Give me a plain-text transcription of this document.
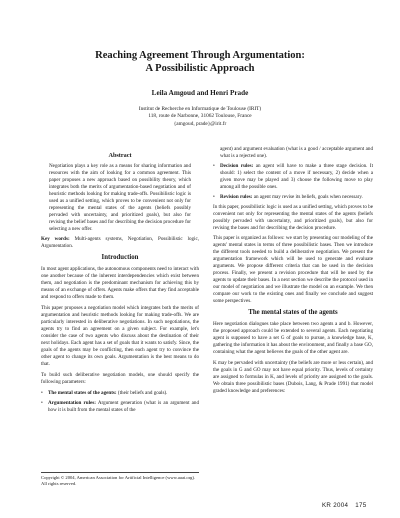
Reaching Agreement Through Argumentation:
A Possibilistic Approach
Leila Amgoud and Henri Prade
Institut de Recherche en Informatique de Toulouse (IRIT)
118, route de Narbonne, 31062 Toulouse, France
{amgoud, prade}@irit.fr
Abstract
Negotiation plays a key role as a means for sharing information and resources with the aim of looking for a common agreement. This paper proposes a new approach based on possibility theory, which integrates both the merits of argumentation-based negotiation and of heuristic methods looking for making trade-offs. Possibilistic logic is used as a unified setting, which proves to be convenient not only for representing the mental states of the agents (beliefs possibly pervaded with uncertainty, and prioritized goals), but also for revising the belief bases and for describing the decision procedure for selecting a new offer.
Key words: Multi-agents systems, Negotiation, Possibilistic logic, Argumentation.
Introduction
In most agent applications, the autonomous components need to interact with one another because of the inherent interdependencies which exist between them, and negotiation is the predominant mechanism for achieving this by means of an exchange of offers. Agents make offers that they find acceptable and respond to offers made to them.
This paper proposes a negotiation model which integrates both the merits of argumentation and heuristic methods looking for making trade-offs. We are particularly interested in deliberative negotiations. In such negotiations, the agents try to find an agreement on a given subject. For example, let's consider the case of two agents who discuss about the destination of their next holidays. Each agent has a set of goals that it wants to satisfy. Since, the goals of the agents may be conflicting, then each agent try to convince the other agent to change its own goals. Argumentation is the best means to do that.
To build such deliberative negotiation models, one should specify the following parameters:
• The mental states of the agents: (their beliefs and goals).
• Argumentation rules: Argument generation (what is an argument and how it is built from the mental states of the
Copyright © 2004, American Association for Artificial Intelligence (www.aaai.org). All rights reserved.
agent) and argument evaluation (what is a good / acceptable argument and what is a rejected one).
• Decision rules: an agent will have to make a three stage decision. It should: 1) select the content of a move if necessary, 2) decide when a given move may be played and 3) choose the following move to play among all the possible ones.
• Revision rules: an agent may revise its beliefs, goals when necessary.
In this paper, possibilistic logic is used as a unified setting, which proves to be convenient not only for representing the mental states of the agents (beliefs possibly pervaded with uncertainty, and prioritized goals), but also for revising the bases and for describing the decision procedure.
This paper is organized as follows: we start by presenting our modeling of the agents' mental states in terms of three possibilistic bases. Then we introduce the different tools needed to build a deliberative negotiation. We present the argumentation framework which will be used to generate and evaluate arguments. We propose different criteria that can be used in the decision process. Finally, we present a revision procedure that will be used by the agents to update their bases. In a next section we describe the protocol used in our model of negotiation and we illustrate the model on an example. We then compare our work to the existing ones and finally we conclude and suggest some perspectives.
The mental states of the agents
Here negotiation dialogues take place between two agents a and b. However, the proposed approach could be extended to several agents. Each negotiating agent is supposed to have a set G of goals to pursue, a knowledge base, K, gathering the information it has about the environment, and finally a base GO, containing what the agent believes the goals of the other agent are.
K may be pervaded with uncertainty (the beliefs are more or less certain), and the goals in G and GO may not have equal priority. Thus, levels of certainty are assigned to formulas in K, and levels of priority are assigned to the goals. We obtain three possibilistic bases (Dubois, Lang, & Prade 1991) that model graded knowledge and preferences:
KR 2004 175
